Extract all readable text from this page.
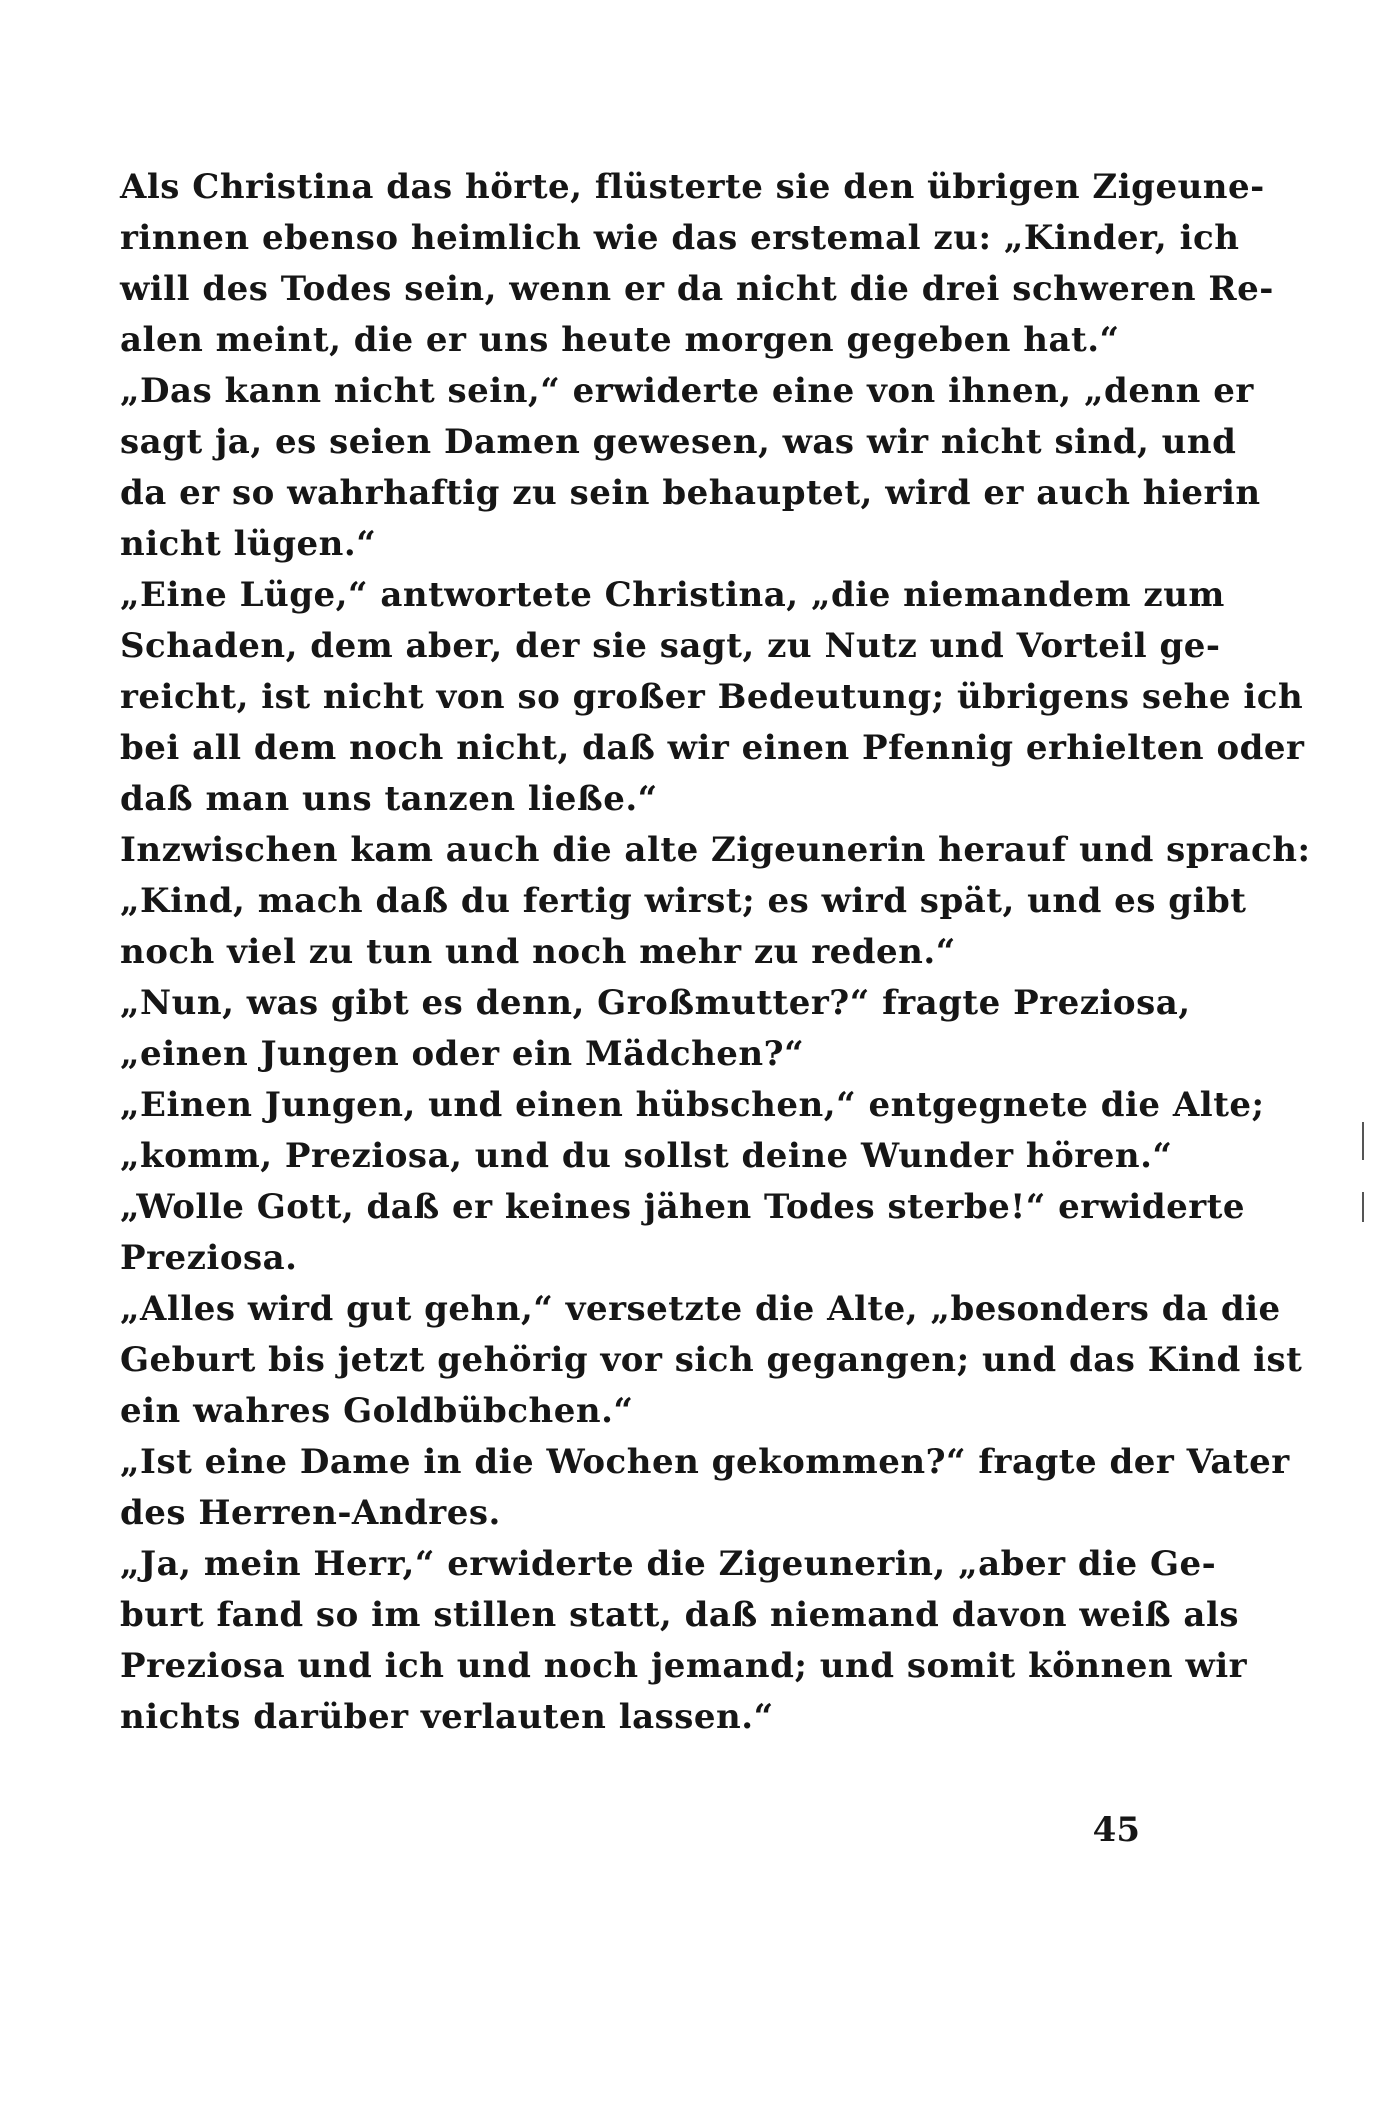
Als Christina das hörte, flüsterte sie den übrigen Zigeune-
rinnen ebenso heimlich wie das erstemal zu: „Kinder, ich
will des Todes sein, wenn er da nicht die drei schweren Re-
alen meint, die er uns heute morgen gegeben hat.“
„Das kann nicht sein,“ erwiderte eine von ihnen, „denn er
sagt ja, es seien Damen gewesen, was wir nicht sind, und
da er so wahrhaftig zu sein behauptet, wird er auch hierin
nicht lügen.“
„Eine Lüge,“ antwortete Christina, „die niemandem zum
Schaden, dem aber, der sie sagt, zu Nutz und Vorteil ge-
reicht, ist nicht von so großer Bedeutung; übrigens sehe ich
bei all dem noch nicht, daß wir einen Pfennig erhielten oder
daß man uns tanzen ließe.“
Inzwischen kam auch die alte Zigeunerin herauf und sprach:
„Kind, mach daß du fertig wirst; es wird spät, und es gibt
noch viel zu tun und noch mehr zu reden.“
„Nun, was gibt es denn, Großmutter?“ fragte Preziosa,
„einen Jungen oder ein Mädchen?“
„Einen Jungen, und einen hübschen,“ entgegnete die Alte;
„komm, Preziosa, und du sollst deine Wunder hören.“
„Wolle Gott, daß er keines jähen Todes sterbe!“ erwiderte
Preziosa.
„Alles wird gut gehn,“ versetzte die Alte, „besonders da die
Geburt bis jetzt gehörig vor sich gegangen; und das Kind ist
ein wahres Goldbübchen.“
„Ist eine Dame in die Wochen gekommen?“ fragte der Vater
des Herren-Andres.
„Ja, mein Herr,“ erwiderte die Zigeunerin, „aber die Ge-
burt fand so im stillen statt, daß niemand davon weiß als
Preziosa und ich und noch jemand; und somit können wir
nichts darüber verlauten lassen.“
45
